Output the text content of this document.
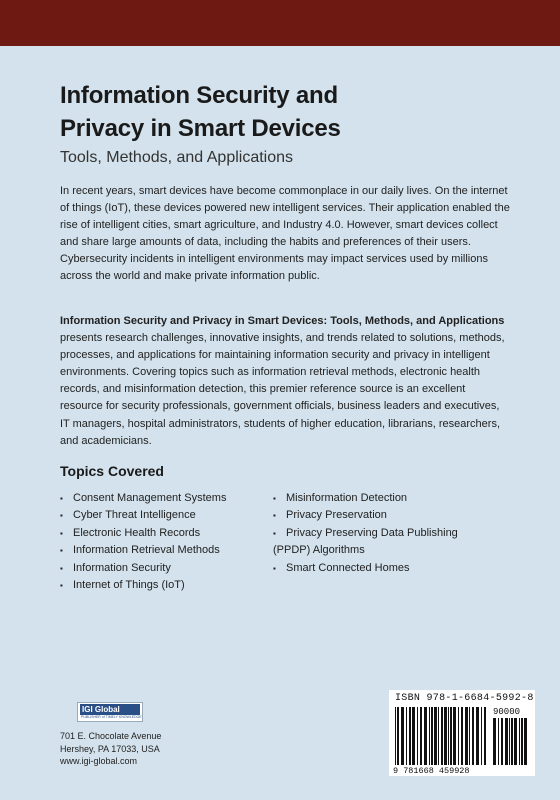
Information Security and
Privacy in Smart Devices
Tools, Methods, and Applications

In recent years, smart devices have become commonplace in our daily lives. On the internet of things (IoT), these devices powered new intelligent services. Their application enabled the rise of intelligent cities, smart agriculture, and Industry 4.0. However, smart devices collect and share large amounts of data, including the habits and preferences of their users. Cybersecurity incidents in intelligent environments may impact services used by millions across the world and make private information public.

Information Security and Privacy in Smart Devices: Tools, Methods, and Applications presents research challenges, innovative insights, and trends related to solutions, methods, processes, and applications for maintaining information security and privacy in intelligent environments. Covering topics such as information retrieval methods, electronic health records, and misinformation detection, this premier reference source is an excellent resource for security professionals, government officials, business leaders and executives, IT managers, hospital administrators, students of higher education, librarians, researchers,
and academicians.

Topics Covered
▪ Consent Management Systems
▪ Cyber Threat Intelligence
▪ Electronic Health Records
▪ Information Retrieval Methods
▪ Information Security
▪ Internet of Things (IoT)
▪ Misinformation Detection
▪ Privacy Preservation
▪ Privacy Preserving Data Publishing
(PPDP) Algorithms
▪ Smart Connected Homes
IGI Global
PUBLISHER of TIMELY KNOWLEDGE
701 E. Chocolate Avenue
Hershey, PA 17033, USA
www.igi-global.com
ISBN 978-1-6684-5992-8
90000
9 781668 459928
